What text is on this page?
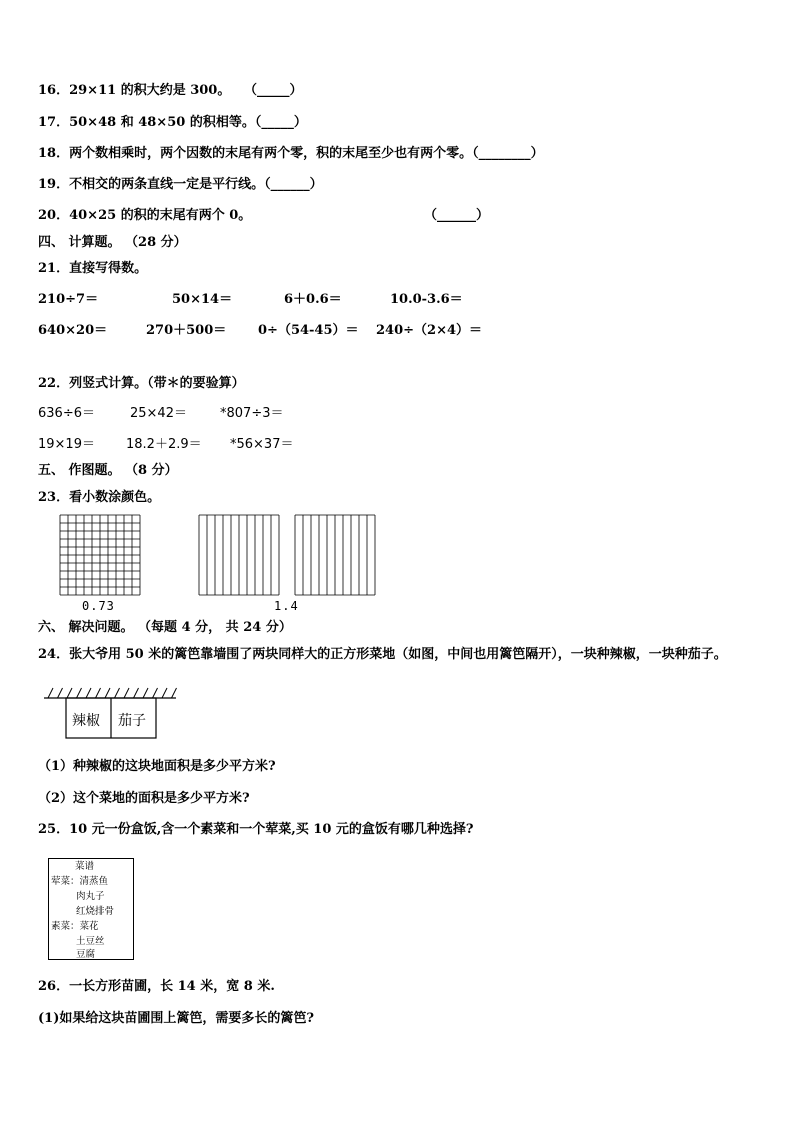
16．29×11 的积大约是 300。 （_____）
17．50×48 和 48×50 的积相等。（_____）
18．两个数相乘时，两个因数的末尾有两个零，积的末尾至少也有两个零。（________）
19．不相交的两条直线一定是平行线。（______）
20．40×25 的积的末尾有两个 0。	（______）
四、 计算题。 （28 分）
21．直接写得数。
210÷7＝	50×14＝	6＋0.6＝	10.0-3.6＝
640×20＝	270＋500＝ 0÷（54-45）＝ 240÷（2×4）＝
22．列竖式计算。（带＊的要验算）
636÷6＝	25×42＝	*807÷3＝
19×19＝ 18.2＋2.9＝ *56×37＝
五、 作图题。 （8 分）
23．看小数涂颜色。
0.73	1.4
六、 解决问题。 （每题 4 分， 共 24 分）
24．张大爷用 50 米的篱笆靠墙围了两块同样大的正方形菜地（如图，中间也用篱笆隔开），一块种辣椒，一块种茄子。
辣椒 茄子
（1）种辣椒的这块地面积是多少平方米?
（2）这个菜地的面积是多少平方米?
25．10 元一份盒饭,含一个素菜和一个荤菜,买 10 元的盒饭有哪几种选择?
菜谱
荤菜：清蒸鱼
肉丸子
红烧排骨
素菜：菜花
土豆丝
豆腐
26．一长方形苗圃，长 14 米，宽 8 米.
(1)如果给这块苗圃围上篱笆，需要多长的篱笆?
